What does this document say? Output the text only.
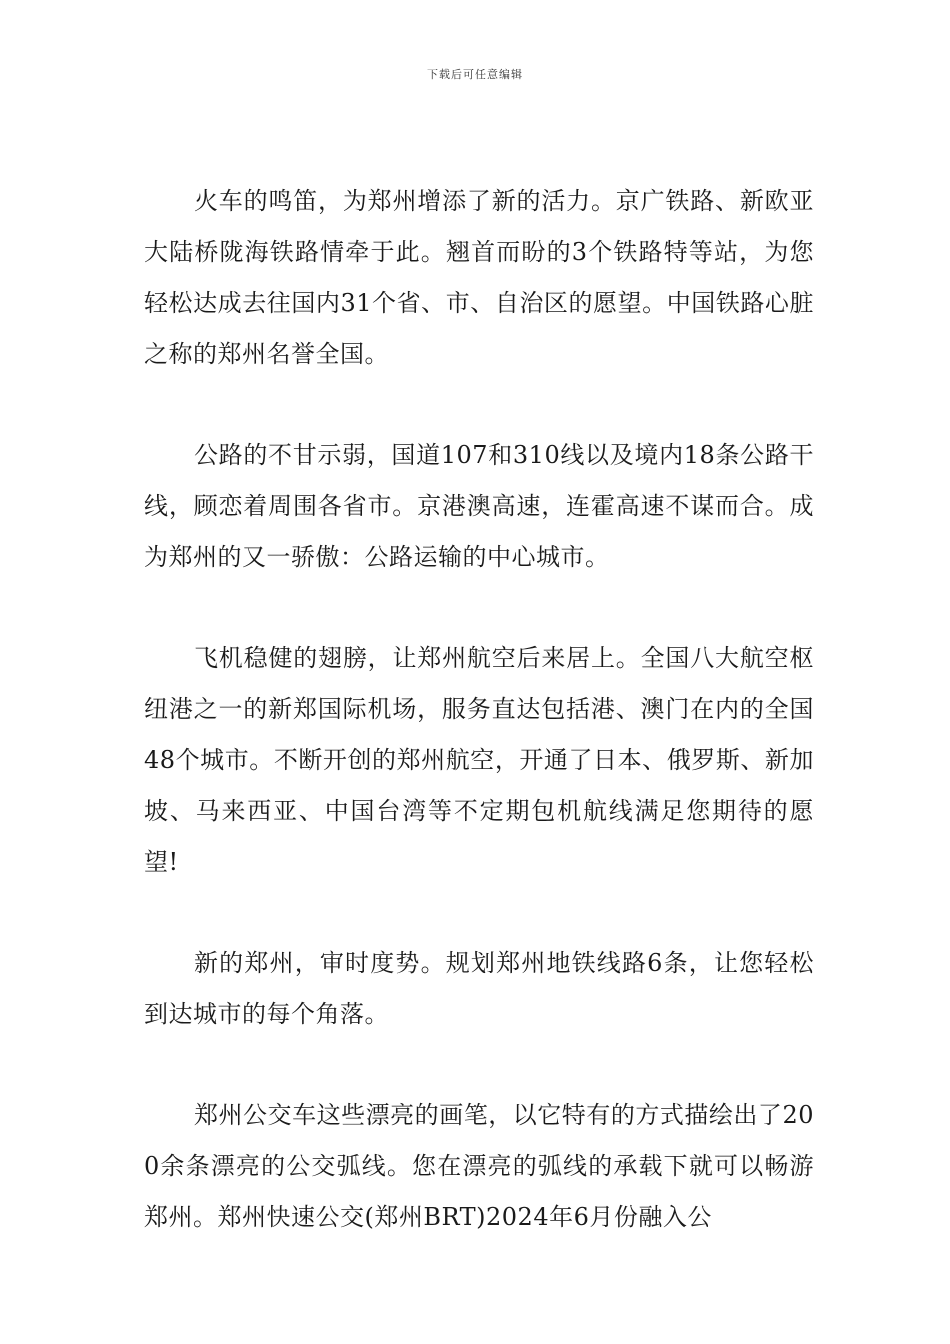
下载后可任意编辑

火车的鸣笛，为郑州增添了新的活力。京广铁路、新欧亚大陆桥陇海铁路情牵于此。翘首而盼的3个铁路特等站，为您轻松达成去往国内31个省、市、自治区的愿望。中国铁路心脏之称的郑州名誉全国。

公路的不甘示弱，国道107和310线以及境内18条公路干线，顾恋着周围各省市。京港澳高速，连霍高速不谋而合。成为郑州的又一骄傲：公路运输的中心城市。

飞机稳健的翅膀，让郑州航空后来居上。全国八大航空枢纽港之一的新郑国际机场，服务直达包括港、澳门在内的全国48个城市。不断开创的郑州航空，开通了日本、俄罗斯、新加坡、马来西亚、中国台湾等不定期包机航线满足您期待的愿望!

新的郑州，审时度势。规划郑州地铁线路6条，让您轻松到达城市的每个角落。

郑州公交车这些漂亮的画笔，以它特有的方式描绘出了200余条漂亮的公交弧线。您在漂亮的弧线的承载下就可以畅游郑州。郑州快速公交(郑州BRT)2024年6月份融入公
